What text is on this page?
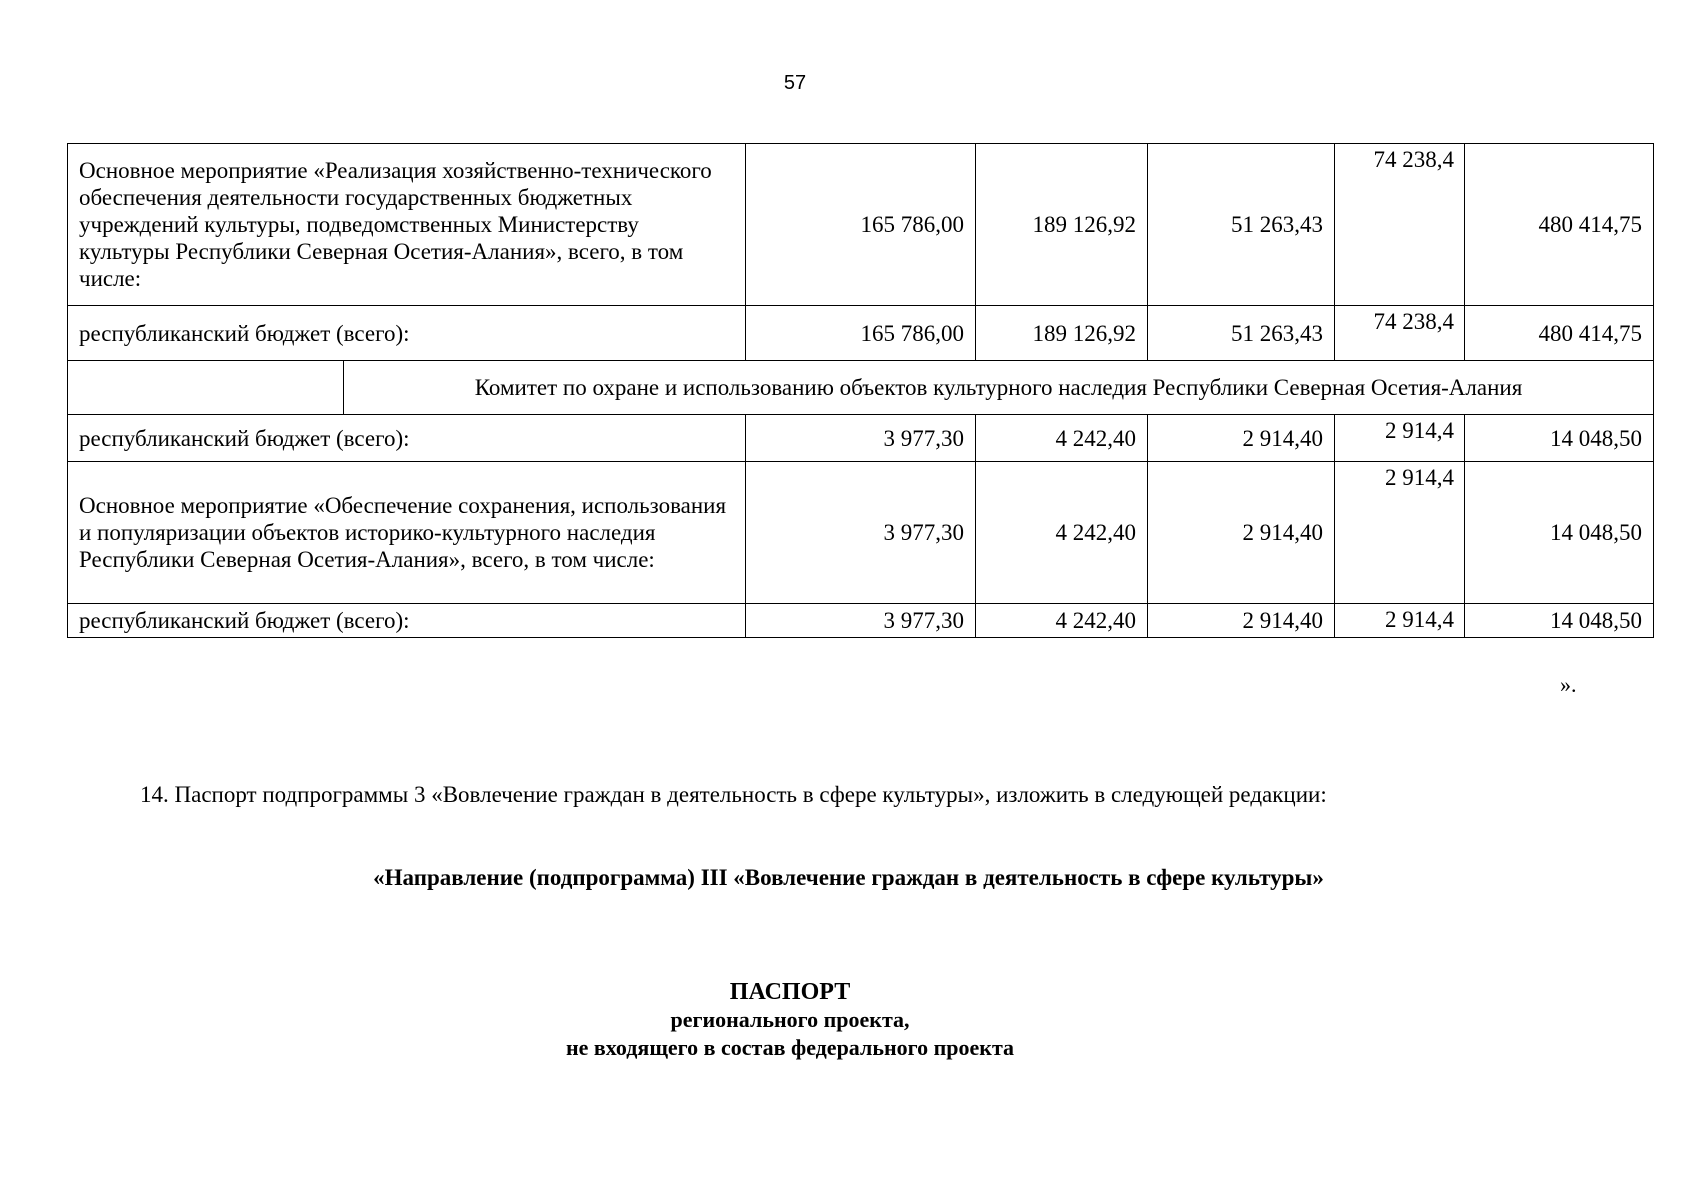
57
Основное мероприятие «Реализация хозяйственно-технического обеспечения деятельности государственных бюджетных учреждений культуры, подведомственных Министерству культуры Республики Северная Осетия-Алания», всего, в том числе:		165 786,00	189 126,92	51 263,43	74 238,4	480 414,75
республиканский бюджет (всего):		165 786,00	189 126,92	51 263,43	74 238,4	480 414,75
	Комитет по охране и использованию объектов культурного наследия Республики Северная Осетия-Алания					
республиканский бюджет (всего):		3 977,30	4 242,40	2 914,40	2 914,4	14 048,50
Основное мероприятие «Обеспечение сохранения, использования и популяризации объектов историко-культурного наследия Республики Северная Осетия-Алания», всего, в том числе:		3 977,30	4 242,40	2 914,40	2 914,4	14 048,50
республиканский бюджет (всего):		3 977,30	4 242,40	2 914,40	2 914,4	14 048,50
».
14. Паспорт подпрограммы 3 «Вовлечение граждан в деятельность в сфере культуры», изложить в следующей редакции:
«Направление (подпрограмма) III «Вовлечение граждан в деятельность в сфере культуры»
ПАСПОРТ
регионального проекта,
не входящего в состав федерального проекта
